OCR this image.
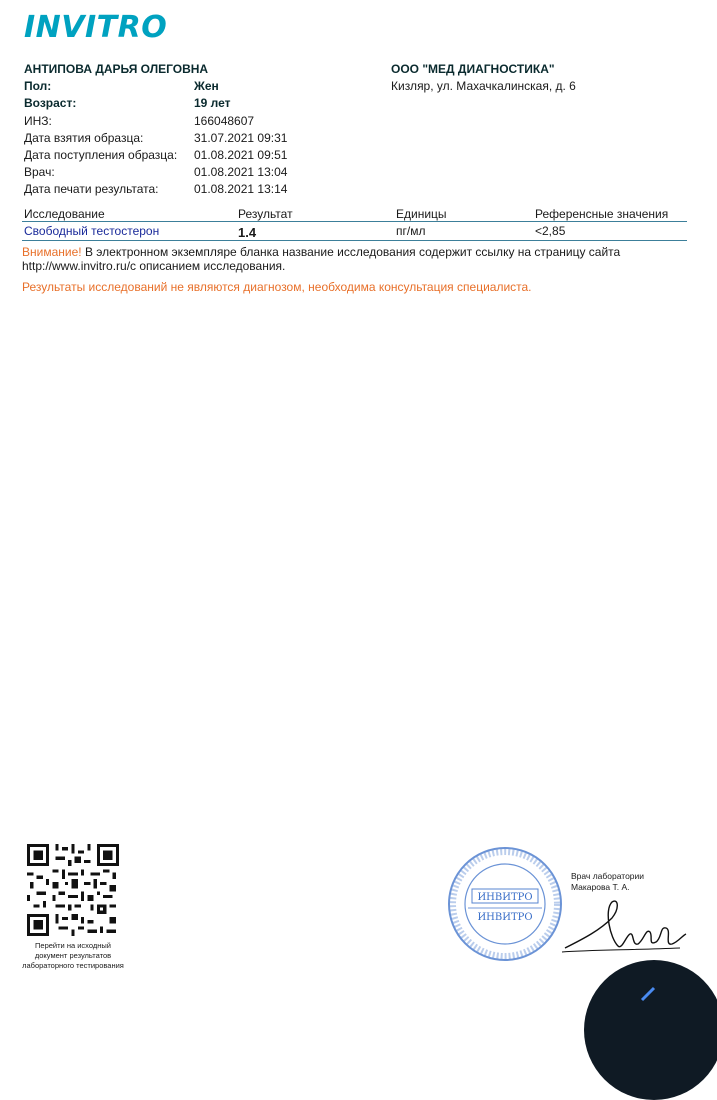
INVITRO
АНТИПОВА ДАРЬЯ ОЛЕГОВНА	ООО "МЕД ДИАГНОСТИКА"
Кизляр, ул. Махачкалинская, д. 6
Пол:	Жен
Возраст:	19 лет
ИНЗ:	166048607
Дата взятия образца:	31.07.2021 09:31
Дата поступления образца: 01.08.2021 09:51
Врач:	01.08.2021 13:04
Дата печати результата:	01.08.2021 13:14
Исследование	Результат	Единицы	Референсные значения
Свободный тестостерон	1.4	пг/мл	<2,85
Внимание! В электронном экземпляре бланка название исследования содержит ссылку на страницу сайта
http://www.invitro.ru/с описанием исследования.
Результаты исследований не являются диагнозом, необходима консультация специалиста.
Перейти на исходный
документ результатов
лабораторного тестирования
ИНВИТРО
ИНВИТРО
Врач лаборатории
Макарова Т. А.
